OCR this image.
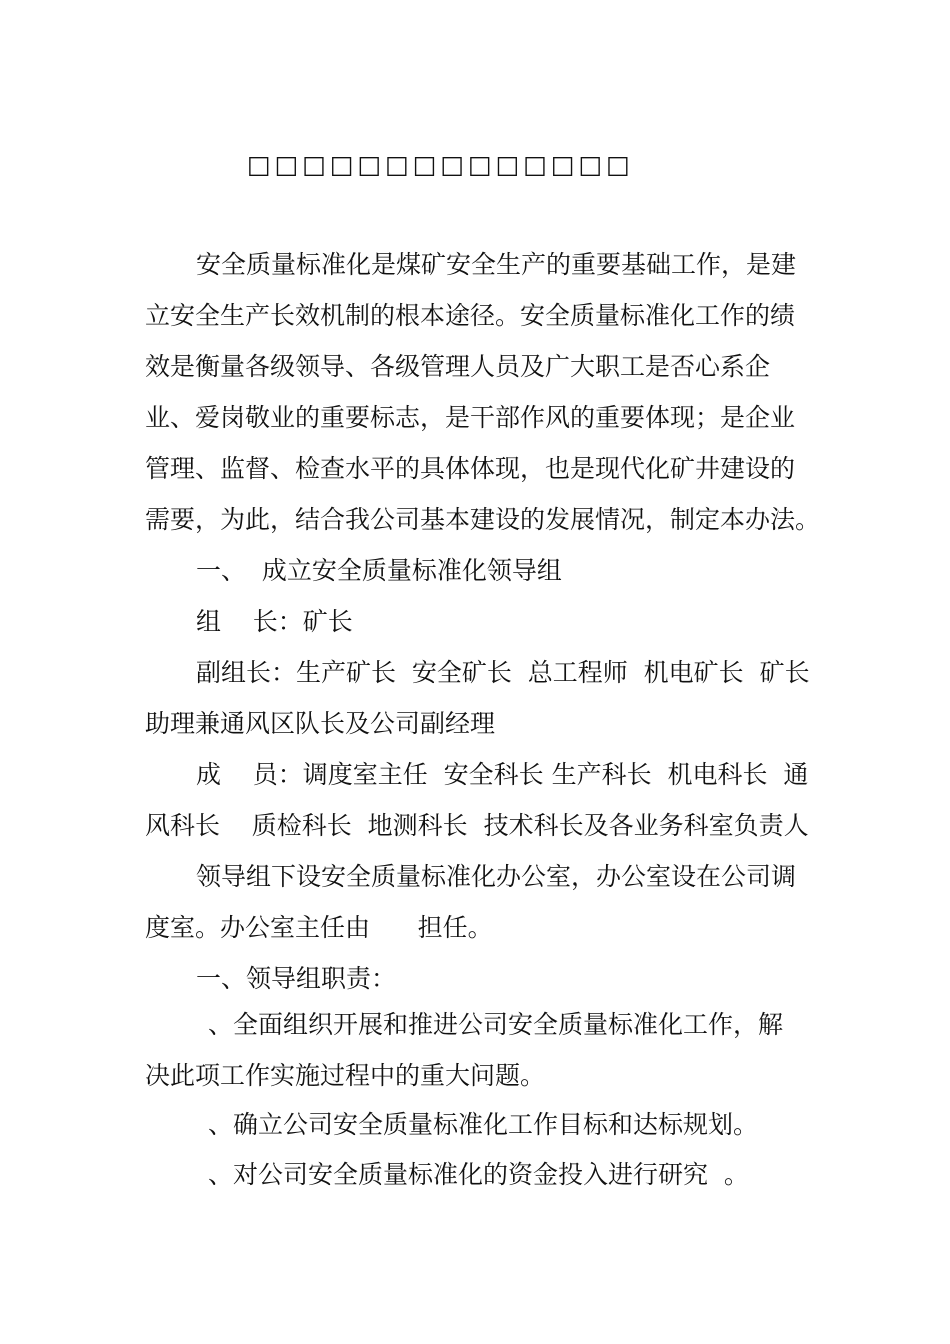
□□□□□□□□□□□□□□
安全质量标准化是煤矿安全生产的重要基础工作，是建
立安全生产长效机制的根本途径。安全质量标准化工作的绩
效是衡量各级领导、各级管理人员及广大职工是否心系企
业、爱岗敬业的重要标志，是干部作风的重要体现；是企业
管理、监督、检查水平的具体体现，也是现代化矿井建设的
需要，为此，结合我公司基本建设的发展情况，制定本办法。
一、  成立安全质量标准化领导组
组    长：矿长
副组长：生产矿长  安全矿长  总工程师  机电矿长  矿长
助理兼通风区队长及公司副经理
成    员：调度室主任  安全科长 生产科长  机电科长  通
风科长    质检科长  地测科长  技术科长及各业务科室负责人
领导组下设安全质量标准化办公室，办公室设在公司调
度室。办公室主任由      担任。
一、领导组职责：
、全面组织开展和推进公司安全质量标准化工作，解
决此项工作实施过程中的重大问题。
、确立公司安全质量标准化工作目标和达标规划。
、对公司安全质量标准化的资金投入进行研究  。
